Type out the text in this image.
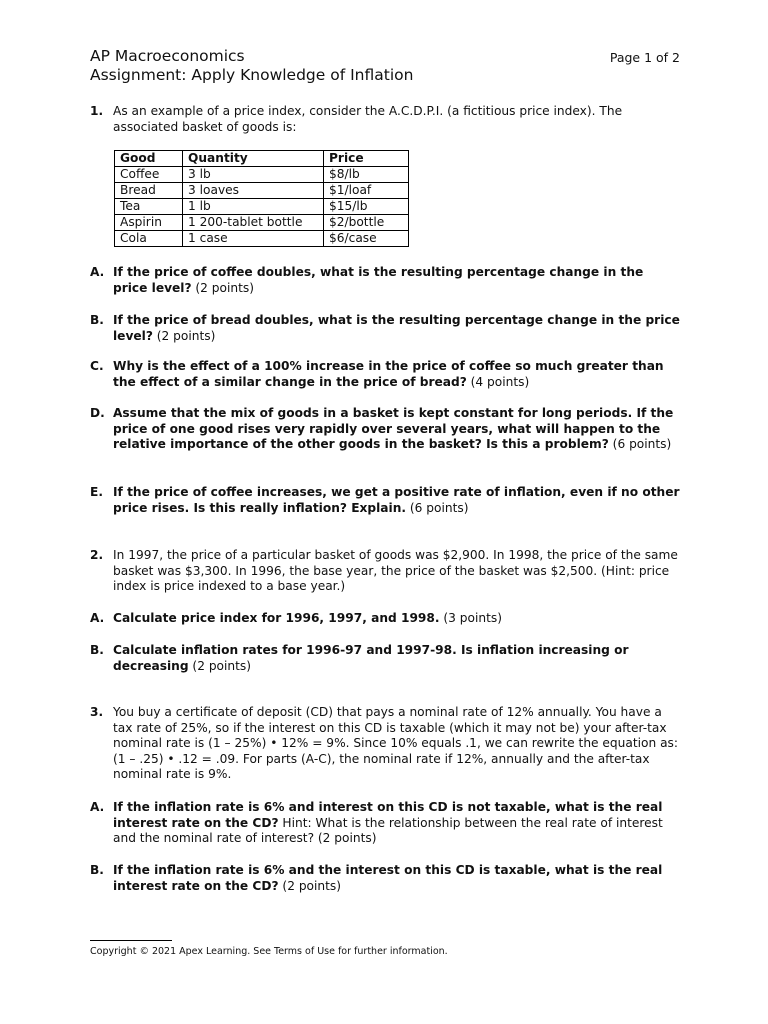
AP Macroeconomics
Assignment: Apply Knowledge of Inflation
Page 1 of 2
1. As an example of a price index, consider the A.C.D.P.I. (a fictitious price index). The associated basket of goods is:
Good	Quantity	Price
Coffee	3 lb	$8/lb
Bread	3 loaves	$1/loaf
Tea	1 lb	$15/lb
Aspirin	1 200-tablet bottle	$2/bottle
Cola	1 case	$6/case
A. If the price of coffee doubles, what is the resulting percentage change in the price level? (2 points)
B. If the price of bread doubles, what is the resulting percentage change in the price level? (2 points)
C. Why is the effect of a 100% increase in the price of coffee so much greater than the effect of a similar change in the price of bread? (4 points)
D. Assume that the mix of goods in a basket is kept constant for long periods. If the price of one good rises very rapidly over several years, what will happen to the relative importance of the other goods in the basket? Is this a problem? (6 points)
E. If the price of coffee increases, we get a positive rate of inflation, even if no other price rises. Is this really inflation? Explain. (6 points)
2. In 1997, the price of a particular basket of goods was $2,900. In 1998, the price of the same basket was $3,300. In 1996, the base year, the price of the basket was $2,500. (Hint: price index is price indexed to a base year.)
A. Calculate price index for 1996, 1997, and 1998. (3 points)
B. Calculate inflation rates for 1996-97 and 1997-98. Is inflation increasing or decreasing (2 points)
3. You buy a certificate of deposit (CD) that pays a nominal rate of 12% annually. You have a tax rate of 25%, so if the interest on this CD is taxable (which it may not be) your after-tax nominal rate is (1 – 25%) • 12% = 9%. Since 10% equals .1, we can rewrite the equation as: (1 – .25) • .12 = .09. For parts (A-C), the nominal rate if 12%, annually and the after-tax nominal rate is 9%.
A. If the inflation rate is 6% and interest on this CD is not taxable, what is the real interest rate on the CD? Hint: What is the relationship between the real rate of interest and the nominal rate of interest? (2 points)
B. If the inflation rate is 6% and the interest on this CD is taxable, what is the real interest rate on the CD? (2 points)
Copyright © 2021 Apex Learning. See Terms of Use for further information.
